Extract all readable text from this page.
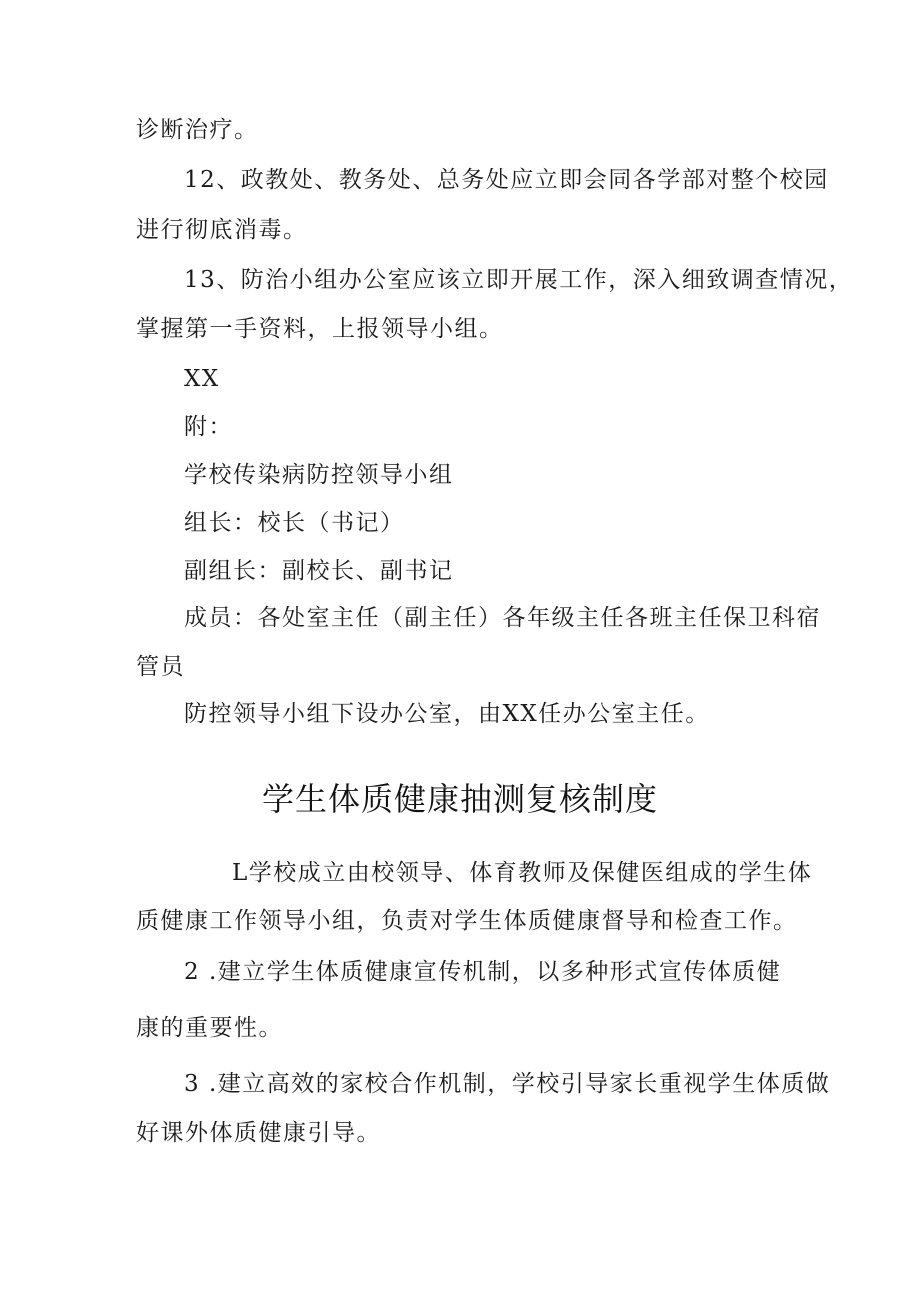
诊断治疗。
12、政教处、教务处、总务处应立即会同各学部对整个校园
进行彻底消毒。
13、防治小组办公室应该立即开展工作，深入细致调查情况，
掌握第一手资料，上报领导小组。
XX
附：
学校传染病防控领导小组
组长：校长（书记）
副组长：副校长、副书记
成员：各处室主任（副主任）各年级主任各班主任保卫科宿
管员
防控领导小组下设办公室，由XX任办公室主任。
学生体质健康抽测复核制度
L学校成立由校领导、体育教师及保健医组成的学生体
质健康工作领导小组，负责对学生体质健康督导和检查工作。
2 .建立学生体质健康宣传机制，以多种形式宣传体质健
康的重要性。
3 .建立高效的家校合作机制，学校引导家长重视学生体质做
好课外体质健康引导。
